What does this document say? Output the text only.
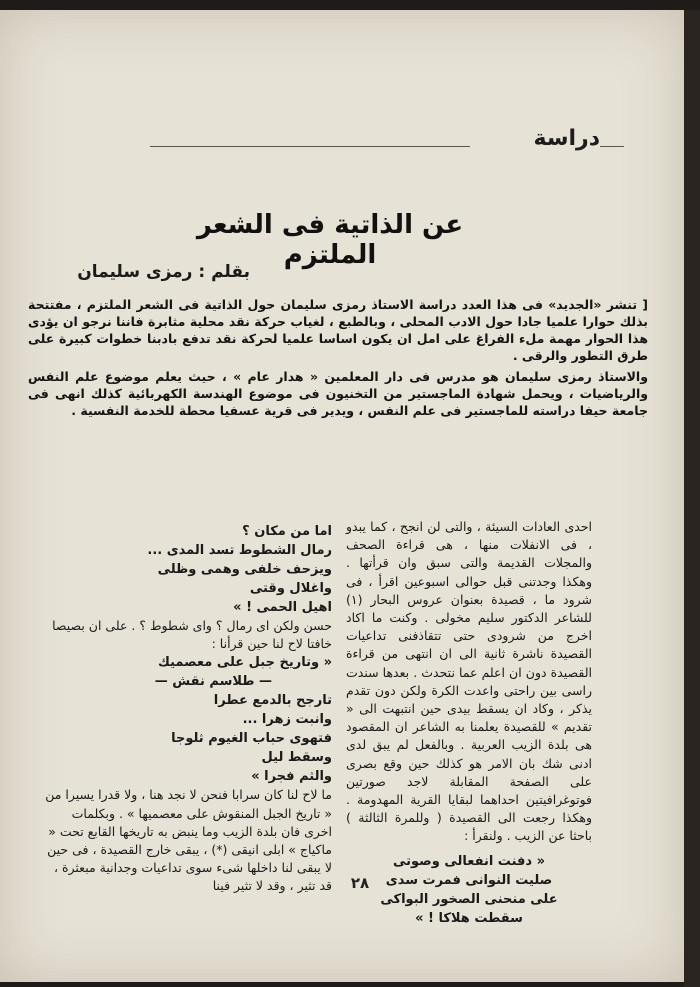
دراسة
عن الذاتية فى الشعر الملتزم
بقلم : رمزى سليمان

[ تنشر «الجديد» فى هذا العدد دراسة الاستاذ رمزى سليمان حول الذاتية فى الشعر الملتزم ، مفتتحة بذلك حوارا علميا جادا حول الادب المحلى ، وبالطبع ، لغياب حركة نقد محلية مثابرة فاننا نرجو ان يؤدى هذا الحوار مهمة ملء الفراغ على امل ان يكون اساسا علميا لحركة نقد تدفع بادبنا خطوات كبيرة على طرق التطور والرقى .

والاستاذ رمزى سليمان هو مدرس فى دار المعلمين « هدار عام » ، حيث يعلم موضوع علم النفس والرياضيات ، ويحمل شهادة الماجستير من التخنيون فى موضوع الهندسة الكهربائية كذلك انهى فى جامعة حيفا دراسته للماجستير فى علم النفس ، ويدير فى قرية عسفيا محطة للخدمة النفسية .

احدى العادات السيئة ، والتى لن انجح ، كما يبدو ، فى الانفلات منها ، هى قراءة الصحف والمجلات القديمة والتى سبق وان قرأتها . وهكذا وجدتنى قبل حوالى اسبوعين اقرأ ، فى شرود ما ، قصيدة بعنوان عروس البحار (١) للشاعر الدكتور سليم مخولى . وكنت ما اكاد اخرج من شرودى حتى تتقاذفنى تداعيات القصيدة ناشرة ثانية الى ان انتهى من قراءة القصيدة دون ان اعلم عما نتحدث . بعدها سندت راسى بين راحتى واعدت الكرة ولكن دون تقدم يذكر ، وكاد ان يسقط بيدى حين انتبهت الى « تقديم » للقصيدة يعلمنا به الشاعر ان المقصود هى بلدة الزيب العربية . وبالفعل لم يبق لدى ادنى شك بان الامر هو كذلك حين وقع بصرى على الصفحة المقابلة لاجد صورتين فوتوغرافيتين احداهما لبقايا القرية المهدومة . وهكذا رجعت الى القصيدة ( وللمرة الثالثة ) باحثا عن الزيب . ولنقرأ :

« دفنت انفعالى وصوتى

صليت النوانى فمرت سدى

على منحنى الصخور البواكى

سقطت هلاكا ! »

اما من مكان ؟

رمال الشطوط تسد المدى ...

ويزحف خلفى وهمى وظلى

واغلال وقتى

اهيل الحمى ! »

حسن ولكن اى رمال ؟ واى شطوط ؟ . على ان بصيصا خافتا لاح لنا حين قرأنا :

« وتاريخ جبل على معصميك

— طلاسم نقش —

تارجح بالدمع عطرا

وانبت زهرا ...

فتهوى حباب الغيوم ثلوجا

وسقط ليل

والثم فجرا »

ما لاح لنا كان سرابا فنحن لا نجد هنا ، ولا قدرا يسيرا من « تاريخ الجبل المنقوش على معصميها » . وبكلمات اخرى فان بلدة الزيب وما ينبض به تاريخها القابع تحت « ماكياج » ابلى انيقى (*) ، يبقى خارج القصيدة ، فى حين لا يبقى لنا داخلها شىء سوى تداعيات وجدانية مبعثرة ، قد تثير ، وقد لا تثير فينا	٢٨
